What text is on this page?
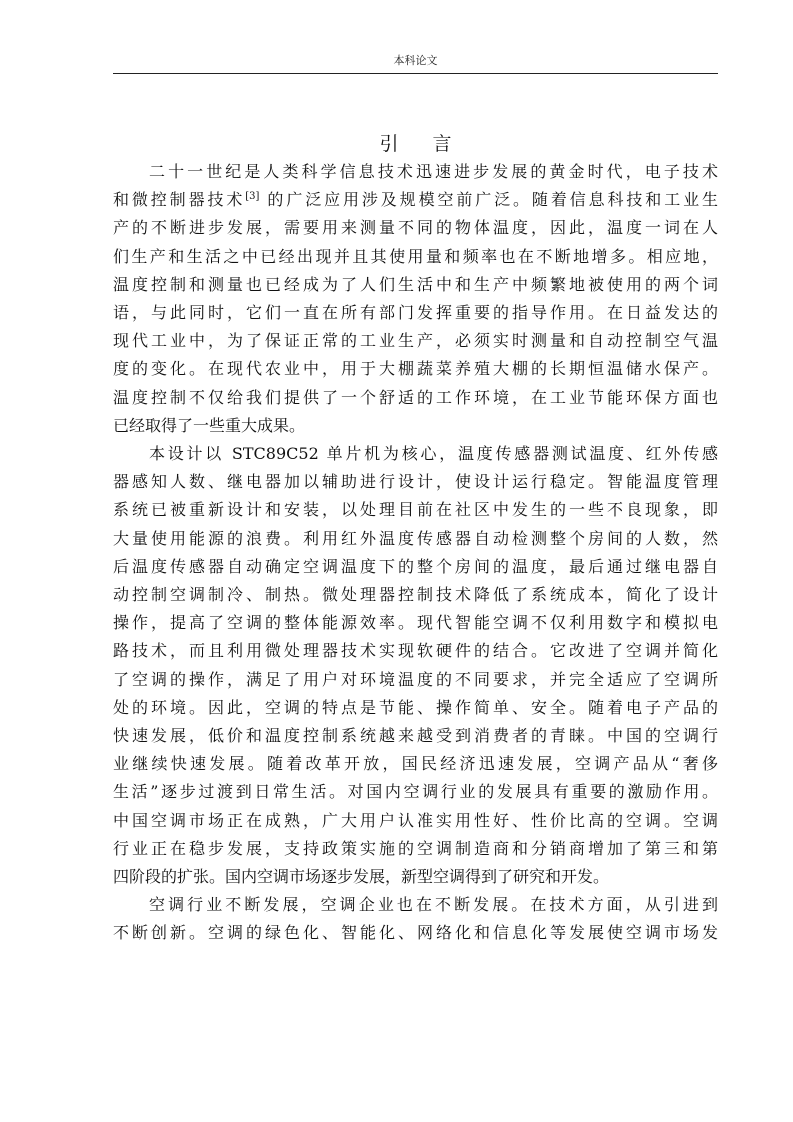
本科论文
引言

二十一世纪是人类科学信息技术迅速进步发展的黄金时代，电子技术
和微控制器技术[3] 的广泛应用涉及规模空前广泛。随着信息科技和工业生
产的不断进步发展，需要用来测量不同的物体温度，因此，温度一词在人
们生产和生活之中已经出现并且其使用量和频率也在不断地增多。相应地，
温度控制和测量也已经成为了人们生活中和生产中频繁地被使用的两个词
语，与此同时，它们一直在所有部门发挥重要的指导作用。在日益发达的
现代工业中，为了保证正常的工业生产，必须实时测量和自动控制空气温
度的变化。在现代农业中，用于大棚蔬菜养殖大棚的长期恒温储水保产。
温度控制不仅给我们提供了一个舒适的工作环境，在工业节能环保方面也
已经取得了一些重大成果。

本设计以 STC89C52 单片机为核心，温度传感器测试温度、红外传感
器感知人数、继电器加以辅助进行设计，使设计运行稳定。智能温度管理
系统已被重新设计和安装，以处理目前在社区中发生的一些不良现象，即
大量使用能源的浪费。利用红外温度传感器自动检测整个房间的人数，然
后温度传感器自动确定空调温度下的整个房间的温度，最后通过继电器自
动控制空调制冷、制热。微处理器控制技术降低了系统成本，简化了设计
操作，提高了空调的整体能源效率。现代智能空调不仅利用数字和模拟电
路技术，而且利用微处理器技术实现软硬件的结合。它改进了空调并简化
了空调的操作，满足了用户对环境温度的不同要求，并完全适应了空调所
处的环境。因此，空调的特点是节能、操作简单、安全。随着电子产品的
快速发展，低价和温度控制系统越来越受到消费者的青睐。中国的空调行
业继续快速发展。随着改革开放，国民经济迅速发展，空调产品从“奢侈
生活”逐步过渡到日常生活。对国内空调行业的发展具有重要的激励作用。
中国空调市场正在成熟，广大用户认准实用性好、性价比高的空调。空调
行业正在稳步发展，支持政策实施的空调制造商和分销商增加了第三和第
四阶段的扩张。国内空调市场逐步发展，新型空调得到了研究和开发。

空调行业不断发展，空调企业也在不断发展。在技术方面，从引进到
不断创新。空调的绿色化、智能化、网络化和信息化等发展使空调市场发
